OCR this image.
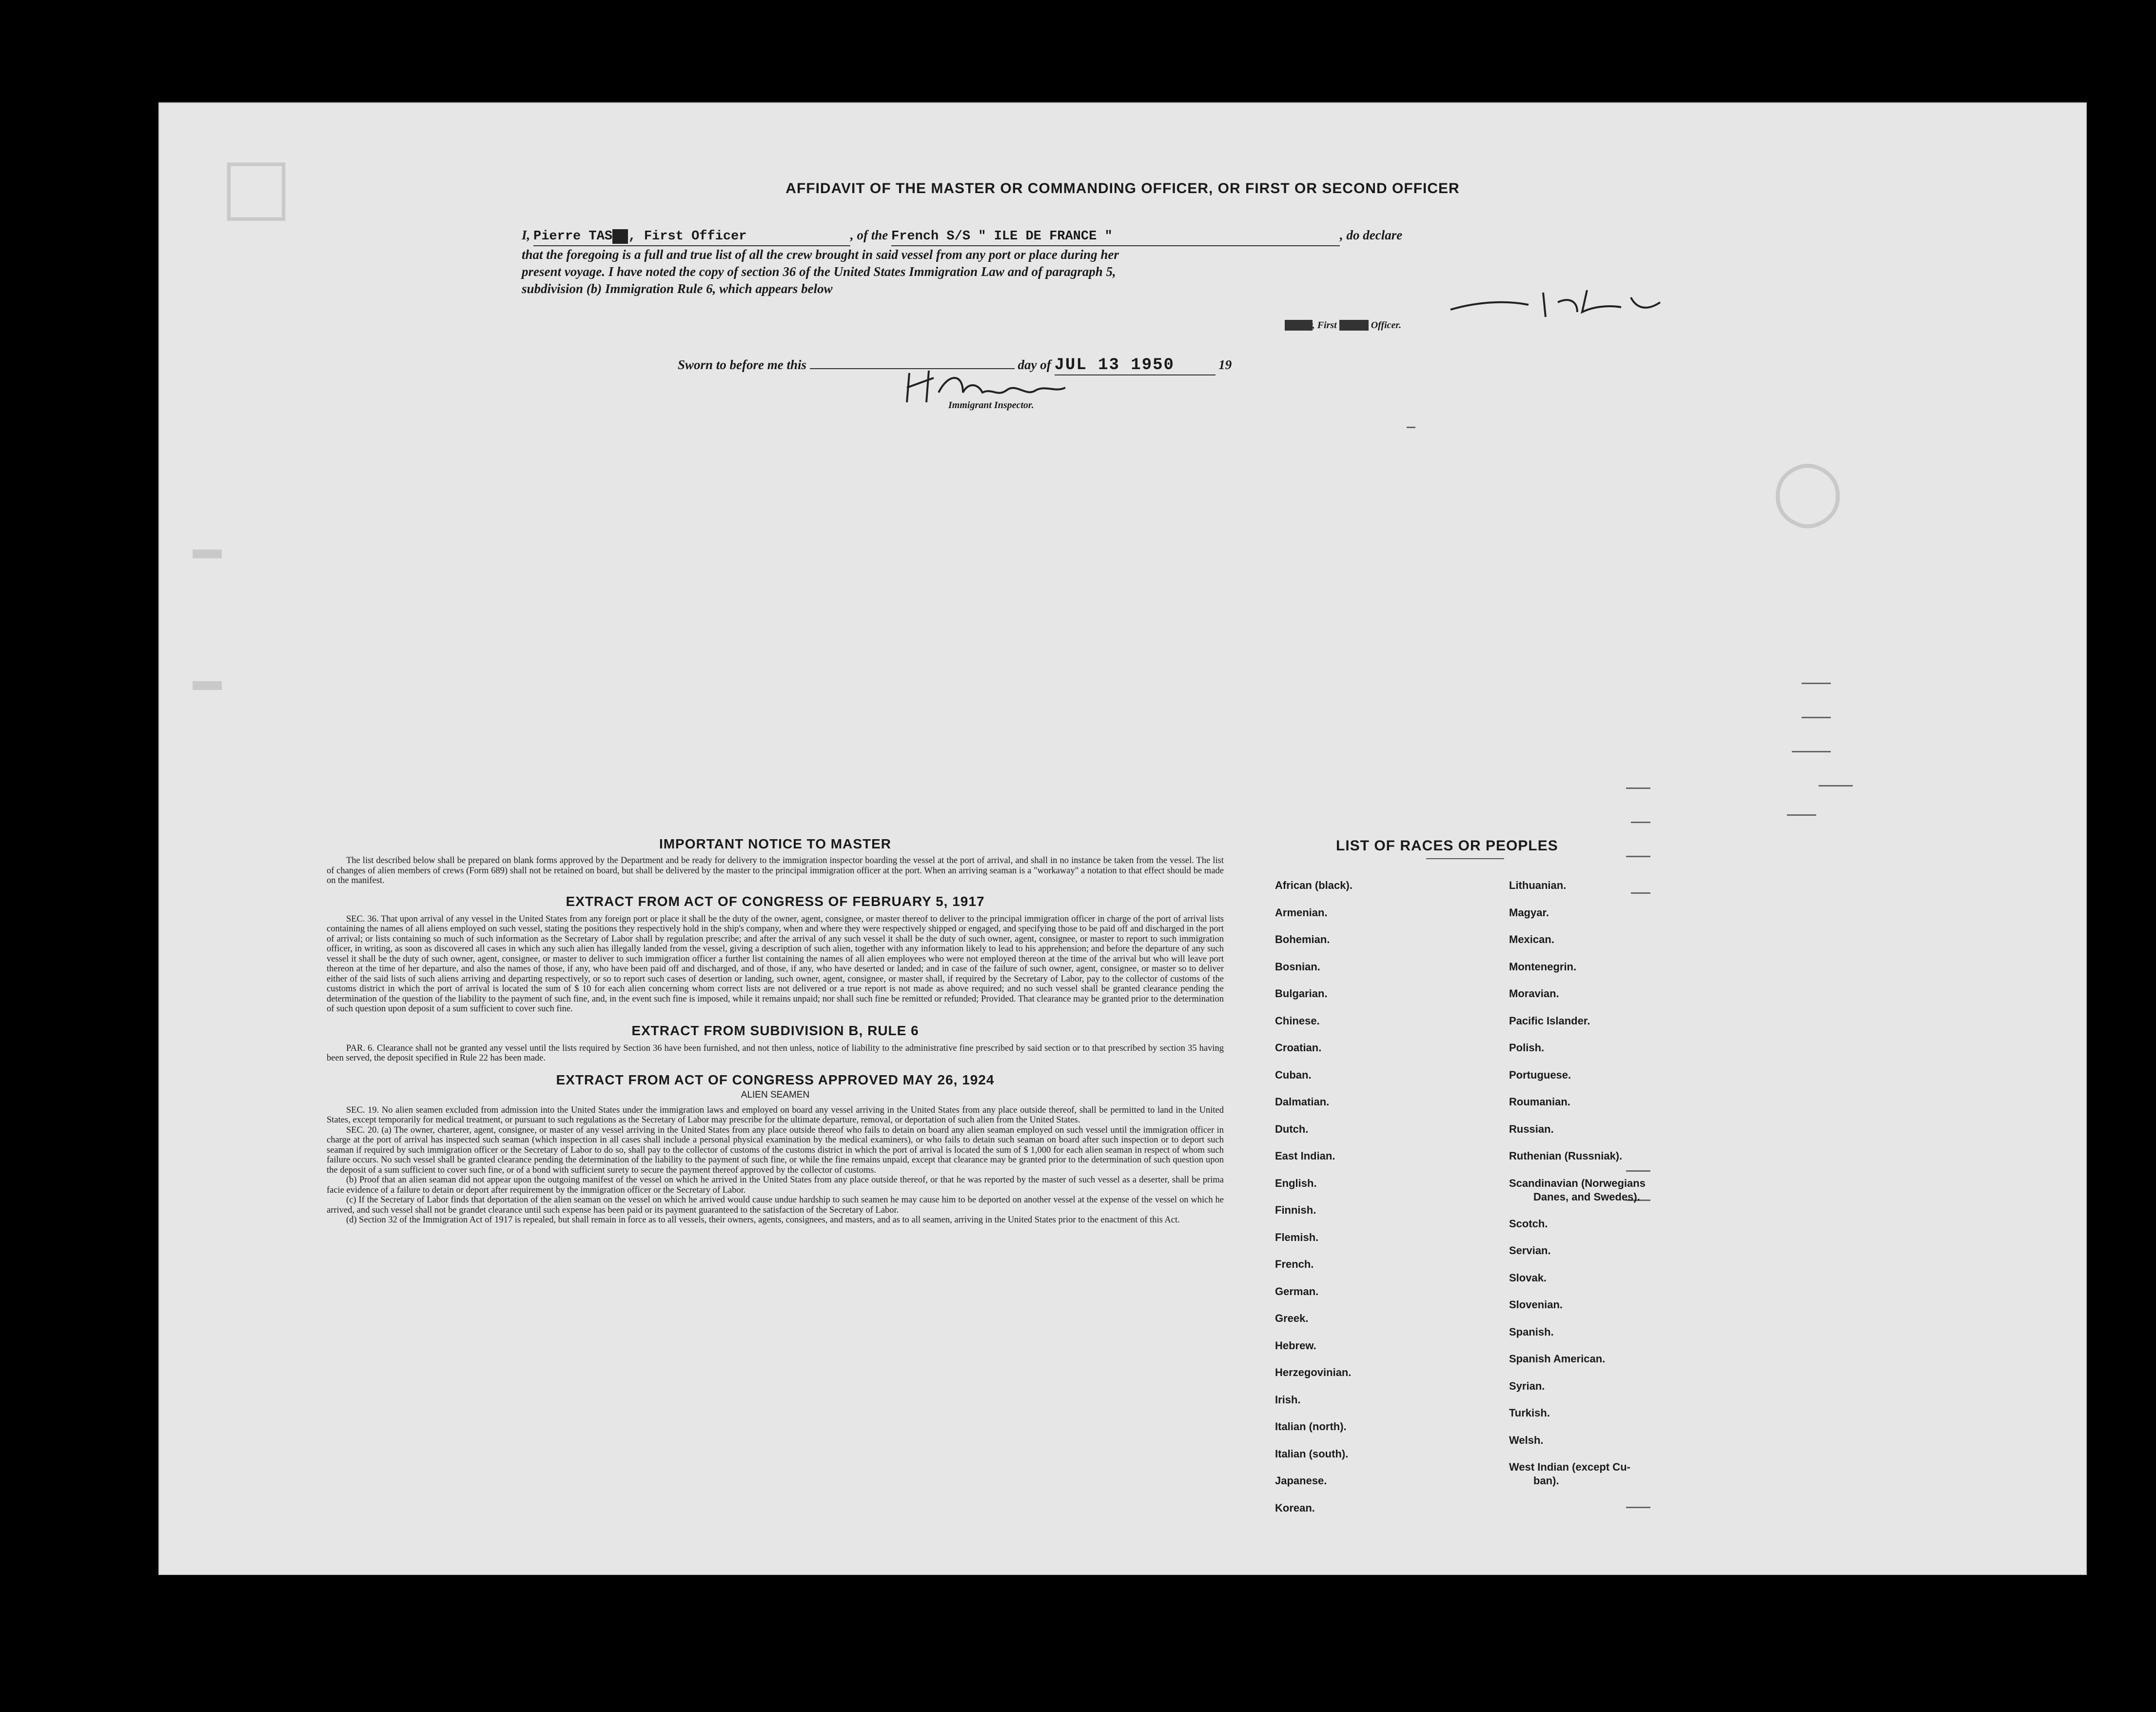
□
▬
▬
◯
AFFIDAVIT OF THE MASTER OR COMMANDING OFFICER, OR FIRST OR SECOND OFFICER
I, Pierre TASSE, First Officer	, of the French S/S " ILE DE FRANCE "	, do declare
that the foregoing is a full and true list of all the crew brought in said vessel from any port or place during her
present voyage. I have noted the copy of section 36 of the United States Immigration Law and of paragraph 5,
subdivision (b) Immigration Rule 6, which appears below
Master, First Second Officer.
Sworn to before me this	day of JUL 13 1950	19
Immigrant Inspector.
IMPORTANT NOTICE TO MASTER
The list described below shall be prepared on blank forms approved by the Department and be ready for delivery to the immigration inspector boarding the vessel at the port of arrival, and shall in no instance be taken from the vessel. The list of changes of alien members of crews (Form 689) shall not be retained on board, but shall be delivered by the master to the principal immigration officer at the port. When an arriving seaman is a "workaway" a notation to that effect should be made on the manifest.
EXTRACT FROM ACT OF CONGRESS OF FEBRUARY 5, 1917
SEC. 36. That upon arrival of any vessel in the United States from any foreign port or place it shall be the duty of the owner, agent, consignee, or master thereof to deliver to the principal immigration officer in charge of the port of arrival lists containing the names of all aliens employed on such vessel, stating the positions they respectively hold in the ship's company, when and where they were respectively shipped or engaged, and specifying those to be paid off and discharged in the port of arrival; or lists containing so much of such information as the Secretary of Labor shall by regulation prescribe; and after the arrival of any such vessel it shall be the duty of such owner, agent, consignee, or master to report to such immigration officer, in writing, as soon as discovered all cases in which any such alien has illegally landed from the vessel, giving a description of such alien, together with any information likely to lead to his apprehension; and before the departure of any such vessel it shall be the duty of such owner, agent, consignee, or master to deliver to such immigration officer a further list containing the names of all alien employees who were not employed thereon at the time of the arrival but who will leave port thereon at the time of her departure, and also the names of those, if any, who have been paid off and discharged, and of those, if any, who have deserted or landed; and in case of the failure of such owner, agent, consignee, or master so to deliver either of the said lists of such aliens arriving and departing respectively, or so to report such cases of desertion or landing, such owner, agent, consignee, or master shall, if required by the Secretary of Labor, pay to the collector of customs of the customs district in which the port of arrival is located the sum of $ 10 for each alien concerning whom correct lists are not delivered or a true report is not made as above required; and no such vessel shall be granted clearance pending the determination of the question of the liability to the payment of such fine, and, in the event such fine is imposed, while it remains unpaid; nor shall such fine be remitted or refunded; Provided. That clearance may be granted prior to the determination of such question upon deposit of a sum sufficient to cover such fine.
EXTRACT FROM SUBDIVISION B, RULE 6
PAR. 6. Clearance shall not be granted any vessel until the lists required by Section 36 have been furnished, and not then unless, notice of liability to the administrative fine prescribed by said section or to that prescribed by section 35 having been served, the deposit specified in Rule 22 has been made.
EXTRACT FROM ACT OF CONGRESS APPROVED MAY 26, 1924
ALIEN SEAMEN
SEC. 19. No alien seamen excluded from admission into the United States under the immigration laws and employed on board any vessel arriving in the United States from any place outside thereof, shall be permitted to land in the United States, except temporarily for medical treatment, or pursuant to such regulations as the Secretary of Labor may prescribe for the ultimate departure, removal, or deportation of such alien from the United States.
SEC. 20. (a) The owner, charterer, agent, consignee, or master of any vessel arriving in the United States from any place outside thereof who fails to detain on board any alien seaman employed on such vessel until the immigration officer in charge at the port of arrival has inspected such seaman (which inspection in all cases shall include a personal physical examination by the medical examiners), or who fails to detain such seaman on board after such inspection or to deport such seaman if required by such immigration officer or the Secretary of Labor to do so, shall pay to the collector of customs of the customs district in which the port of arrival is located the sum of $ 1,000 for each alien seaman in respect of whom such failure occurs. No such vessel shall be granted clearance pending the determination of the liability to the payment of such fine, or while the fine remains unpaid, except that clearance may be granted prior to the determination of such question upon the deposit of a sum sufficient to cover such fine, or of a bond with sufficient surety to secure the payment thereof approved by the collector of customs.
(b) Proof that an alien seaman did not appear upon the outgoing manifest of the vessel on which he arrived in the United States from any place outside thereof, or that he was reported by the master of such vessel as a deserter, shall be prima facie evidence of a failure to detain or deport after requirement by the immigration officer or the Secretary of Labor.
(c) If the Secretary of Labor finds that deportation of the alien seaman on the vessel on which he arrived would cause undue hardship to such seamen he may cause him to be deported on another vessel at the expense of the vessel on which he arrived, and such vessel shall not be grandet clearance until such expense has been paid or its payment guaranteed to the satisfaction of the Secretary of Labor.
(d) Section 32 of the Immigration Act of 1917 is repealed, but shall remain in force as to all vessels, their owners, agents, consignees, and masters, and as to all seamen, arriving in the United States prior to the enactment of this Act.
LIST OF RACES OR PEOPLES
African (black).
Armenian.
Bohemian.
Bosnian.
Bulgarian.
Chinese.
Croatian.
Cuban.
Dalmatian.
Dutch.
East Indian.
English.
Finnish.
Flemish.
French.
German.
Greek.
Hebrew.
Herzegovinian.
Irish.
Italian (north).
Italian (south).
Japanese.
Korean.
Lithuanian.
Magyar.
Mexican.
Montenegrin.
Moravian.
Pacific Islander.
Polish.
Portuguese.
Roumanian.
Russian.
Ruthenian (Russniak).
Scandinavian (Norwegians
Danes, and Swedes).
Scotch.
Servian.
Slovak.
Slovenian.
Spanish.
Spanish American.
Syrian.
Turkish.
Welsh.
West Indian (except Cu-
ban).
